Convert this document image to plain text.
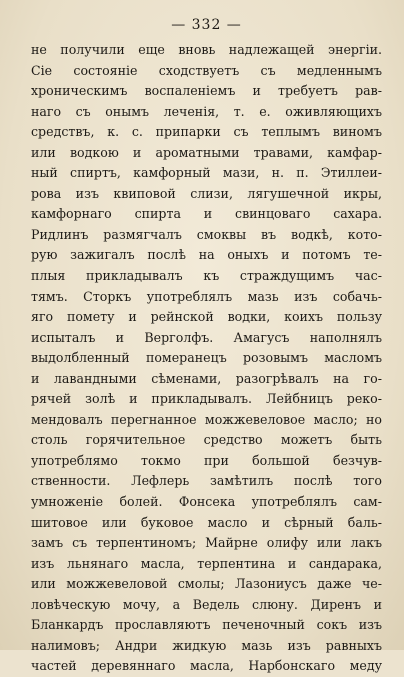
— 332 —
не получили еще вновь надлежащей энергіи.
Сіе состояніе сходствуетъ съ медленнымъ
хроническимъ воспаленіемъ и требуетъ рав-
наго съ онымъ леченія, т. е. оживляющихъ
средствъ, к. с. припарки съ теплымъ виномъ
или водкою и ароматными травами, камфар-
ный спиртъ, камфорный мази, н. п. Этиллеи-
рова изъ квиповой слизи, лягушечной икры,
камфорнаго спирта и свинцоваго сахара.
Ридлинъ размягчалъ смоквы въ водкѣ, кото-
рую зажигалъ послѣ на оныхъ и потомъ те-
плыя прикладывалъ къ страждущимъ час-
тямъ. Сторкъ употреблялъ мазь изъ собачь-
яго помету и рейнской водки, коихъ пользу
испыталъ и Верголфъ. Амагусъ наполнялъ
выдолбленный померанецъ розовымъ масломъ
и лавандными сѣменами, разогрѣвалъ на го-
рячей золѣ и прикладывалъ. Лейбницъ реко-
мендовалъ перегнанное можжевеловое масло; но
столь горячительное средство можетъ быть
употреблямо токмо при большой безчув-
ственности. Лефлерь замѣтилъ послѣ того
умноженіе болей. Фонсека употреблялъ сам-
шитовое или буковое масло и сѣрный баль-
замъ съ терпентиномъ; Майрне олифу или лакъ
изъ льнянаго масла, терпентина и сандарака,
или можжевеловой смолы; Лазониусъ даже че-
ловѣческую мочу, а Ведель слюну. Диренъ и
Бланкардъ прославляютъ печеночный сокъ изъ
налимовъ; Андри жидкую мазь изъ равныхъ
частей деревяннаго масла, Нарбонскаго меду
